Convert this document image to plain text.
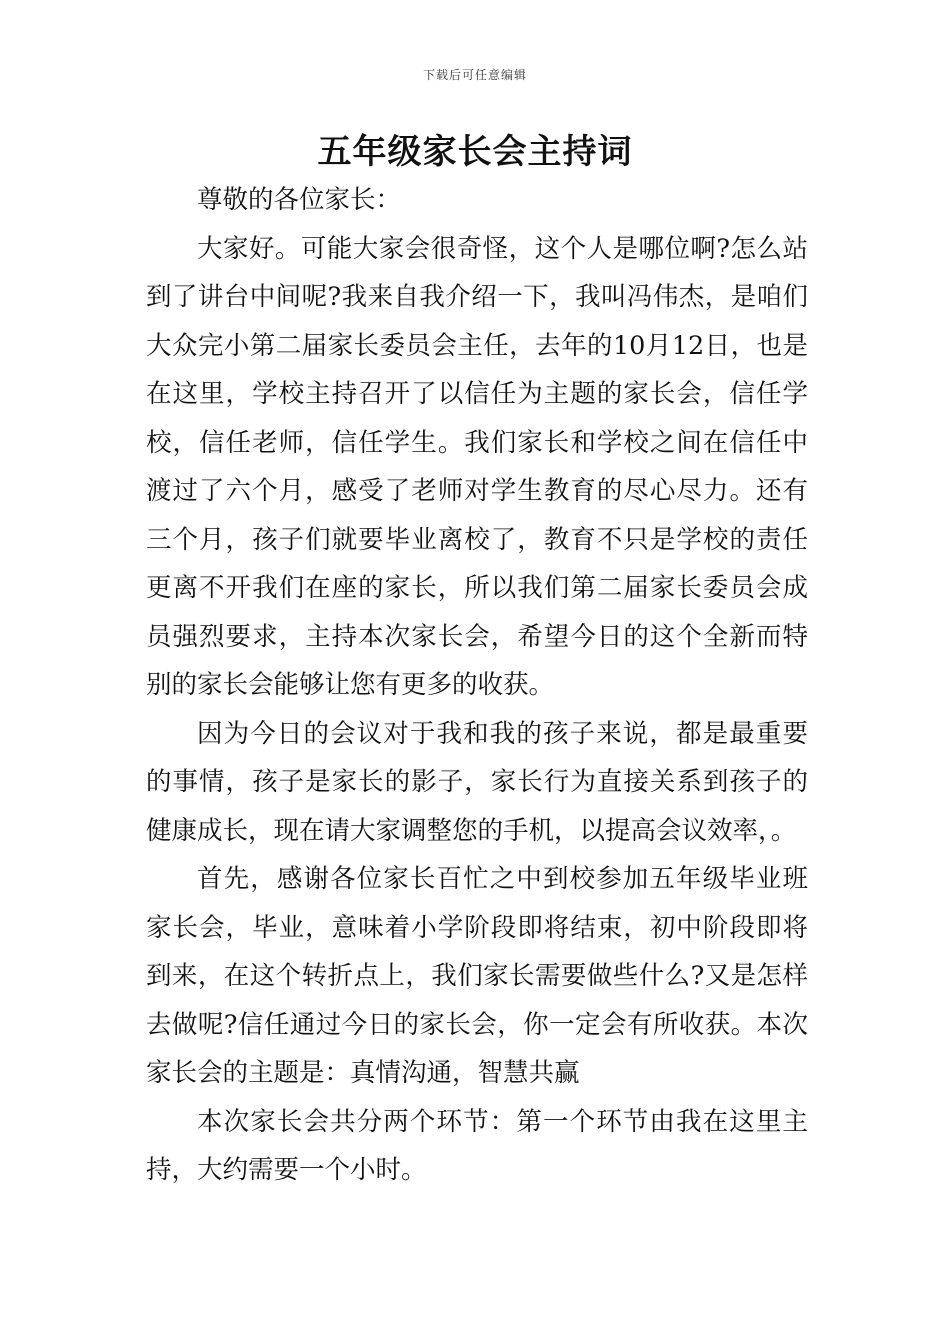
下载后可任意编辑
五年级家长会主持词

尊敬的各位家长：

大家好。可能大家会很奇怪，这个人是哪位啊?怎么站到了讲台中间呢?我来自我介绍一下，我叫冯伟杰，是咱们大众完小第二届家长委员会主任，去年的10月12日，也是在这里，学校主持召开了以信任为主题的家长会，信任学校，信任老师，信任学生。我们家长和学校之间在信任中渡过了六个月，感受了老师对学生教育的尽心尽力。还有三个月，孩子们就要毕业离校了，教育不只是学校的责任更离不开我们在座的家长，所以我们第二届家长委员会成员强烈要求，主持本次家长会，希望今日的这个全新而特别的家长会能够让您有更多的收获。

因为今日的会议对于我和我的孩子来说，都是最重要的事情，孩子是家长的影子，家长行为直接关系到孩子的健康成长，现在请大家调整您的手机，以提高会议效率，。

首先，感谢各位家长百忙之中到校参加五年级毕业班家长会，毕业，意味着小学阶段即将结束，初中阶段即将到来，在这个转折点上，我们家长需要做些什么?又是怎样去做呢?信任通过今日的家长会，你一定会有所收获。本次家长会的主题是：真情沟通，智慧共赢

本次家长会共分两个环节：第一个环节由我在这里主持，大约需要一个小时。
